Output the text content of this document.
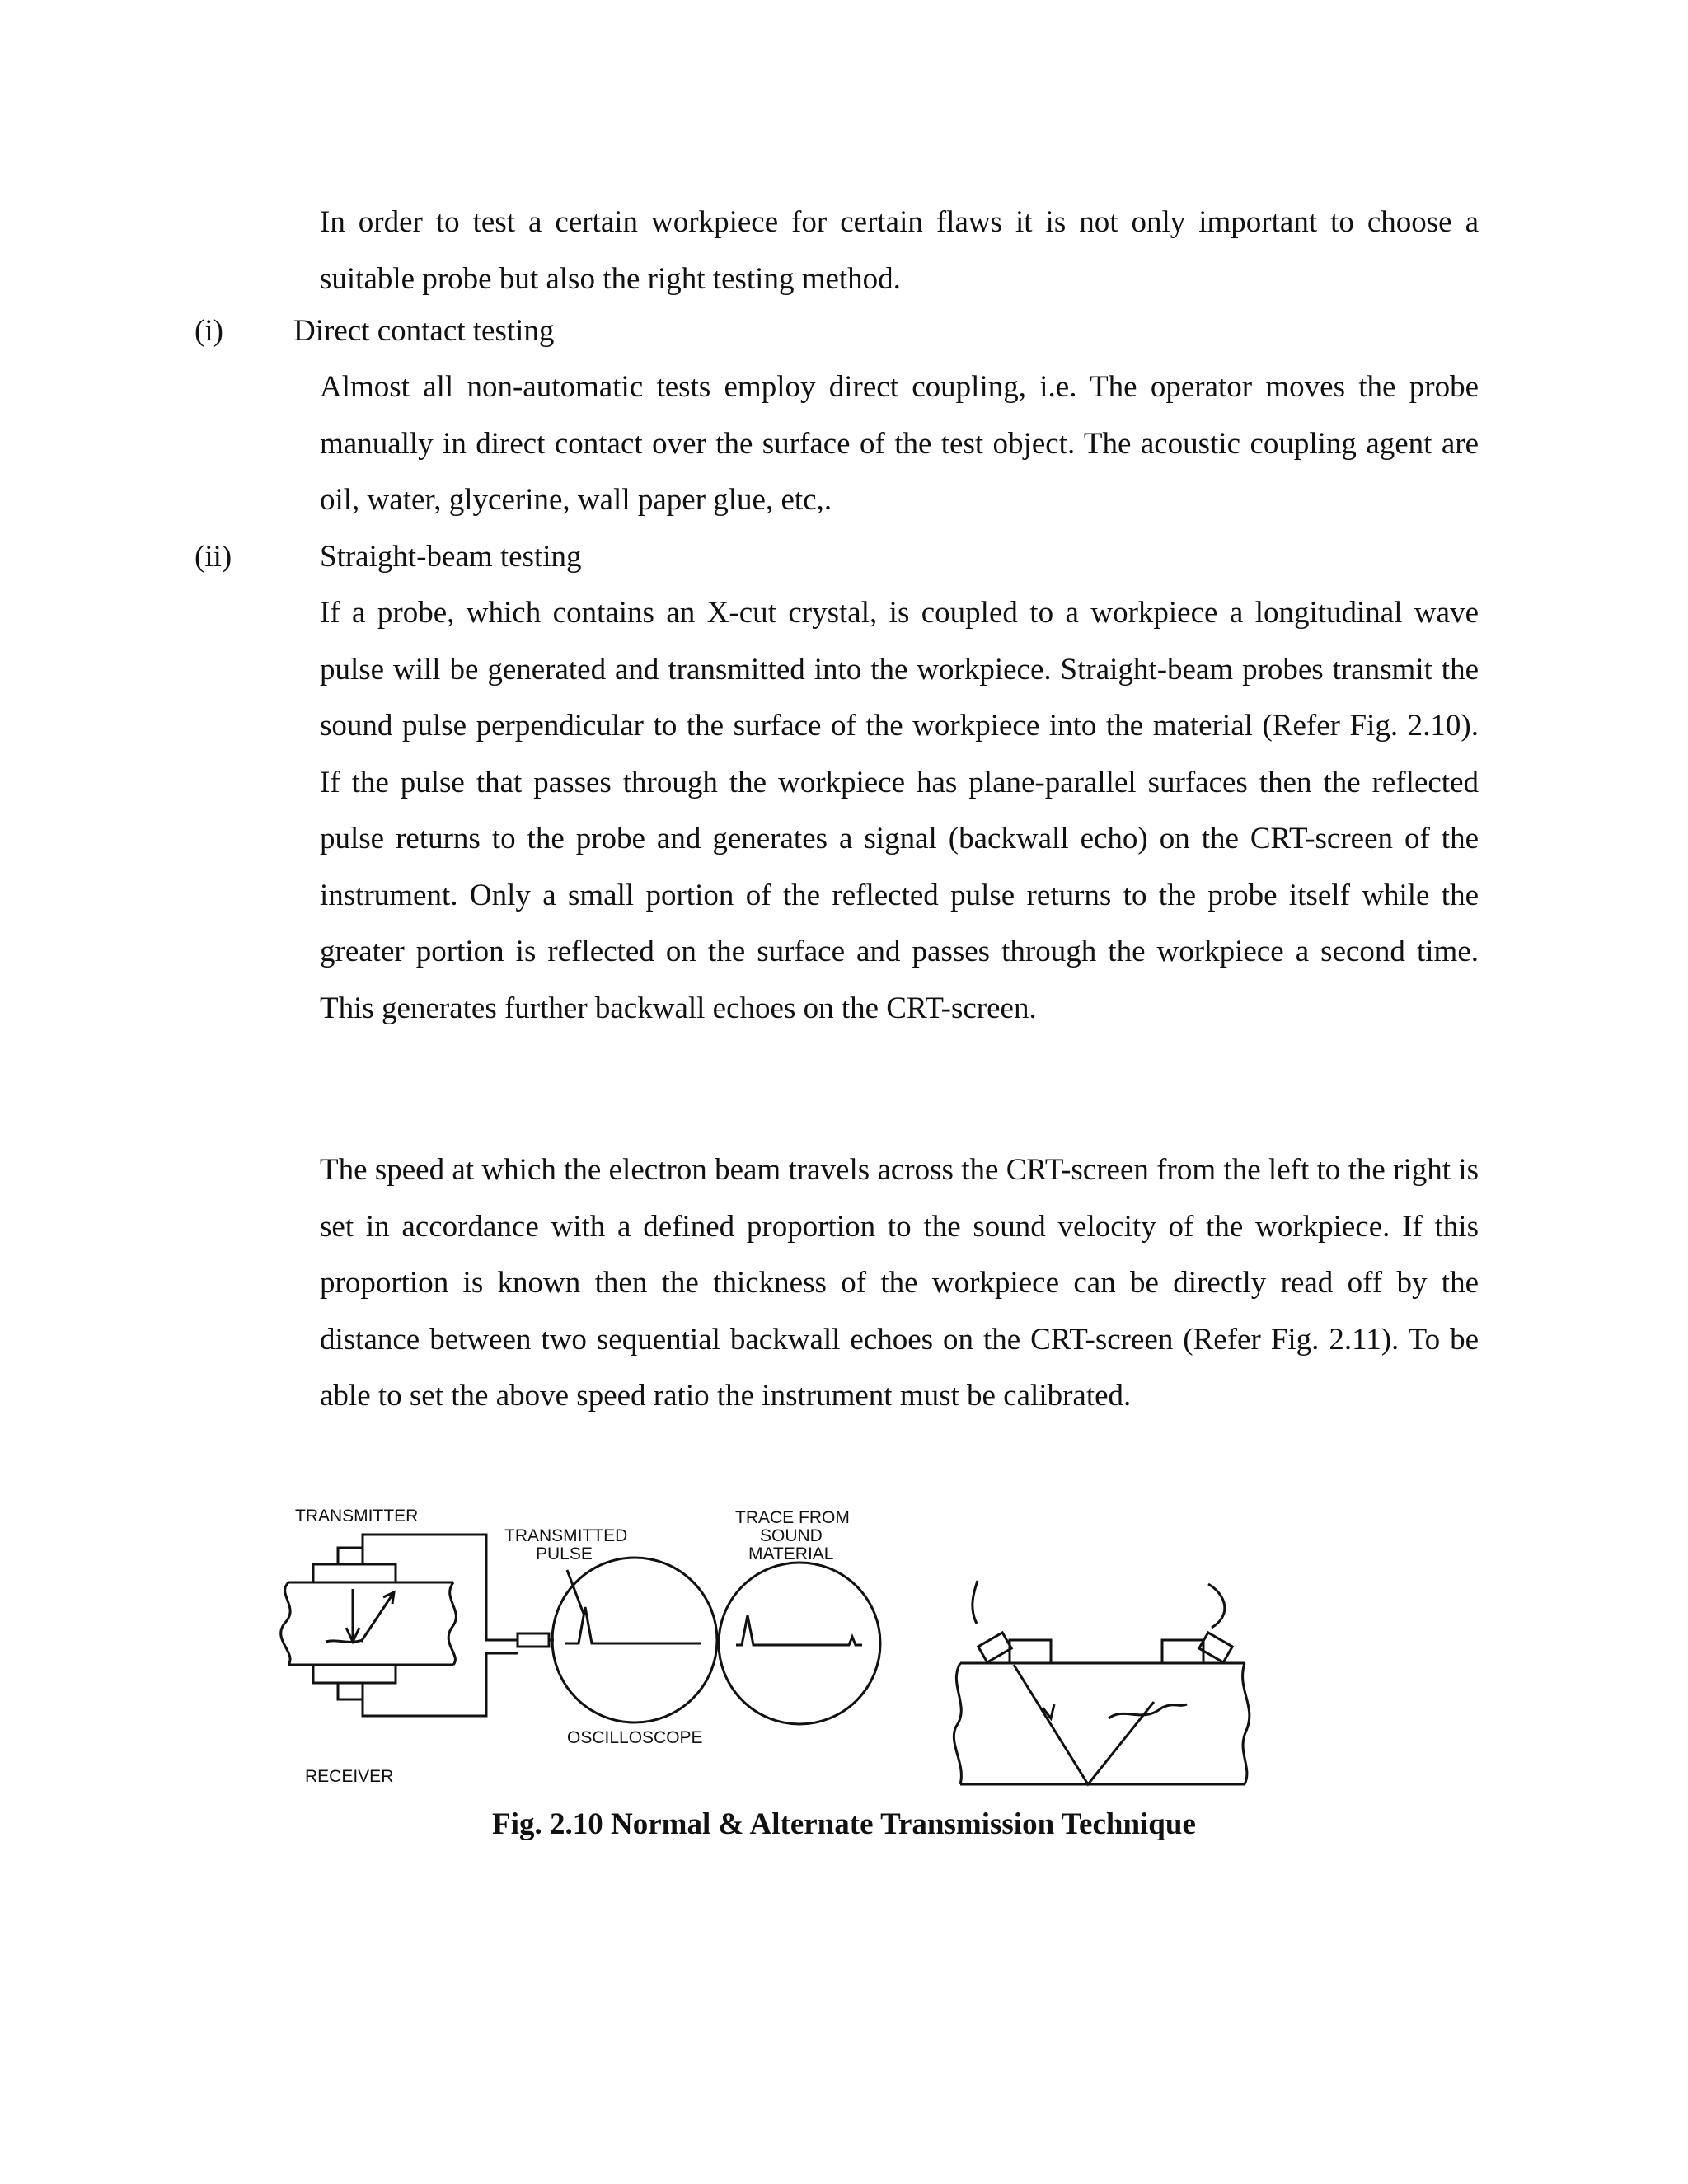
In order to test a certain workpiece for certain flaws it is not only important to choose a suitable probe but also the right testing method.

(i) Direct contact testing

Almost all non-automatic tests employ direct coupling, i.e. The operator moves the probe manually in direct contact over the surface of the test object. The acoustic coupling agent are oil, water, glycerine, wall paper glue, etc,.

(ii)	Straight-beam testing

If a probe, which contains an X-cut crystal, is coupled to a workpiece a longitudinal wave pulse will be generated and transmitted into the workpiece. Straight-beam probes transmit the sound pulse perpendicular to the surface of the workpiece into the material (Refer Fig. 2.10). If the pulse that passes through the workpiece has plane-parallel surfaces then the reflected pulse returns to the probe and generates a signal (backwall echo) on the CRT-screen of the instrument. Only a small portion of the reflected pulse returns to the probe itself while the greater portion is reflected on the surface and passes through the workpiece a second time. This generates further backwall echoes on the CRT-screen.

The speed at which the electron beam travels across the CRT-screen from the left to the right is set in accordance with a defined proportion to the sound velocity of the workpiece. If this proportion is known then the thickness of the workpiece can be directly read off by the distance between two sequential backwall echoes on the CRT-screen (Refer Fig. 2.11). To be able to set the above speed ratio the instrument must be calibrated.

TRANSMITTER
TRANSMITTED
PULSE
TRACE FROM
SOUND
MATERIAL
OSCILLOSCOPE
RECEIVER
Fig. 2.10 Normal & Alternate Transmission Technique
